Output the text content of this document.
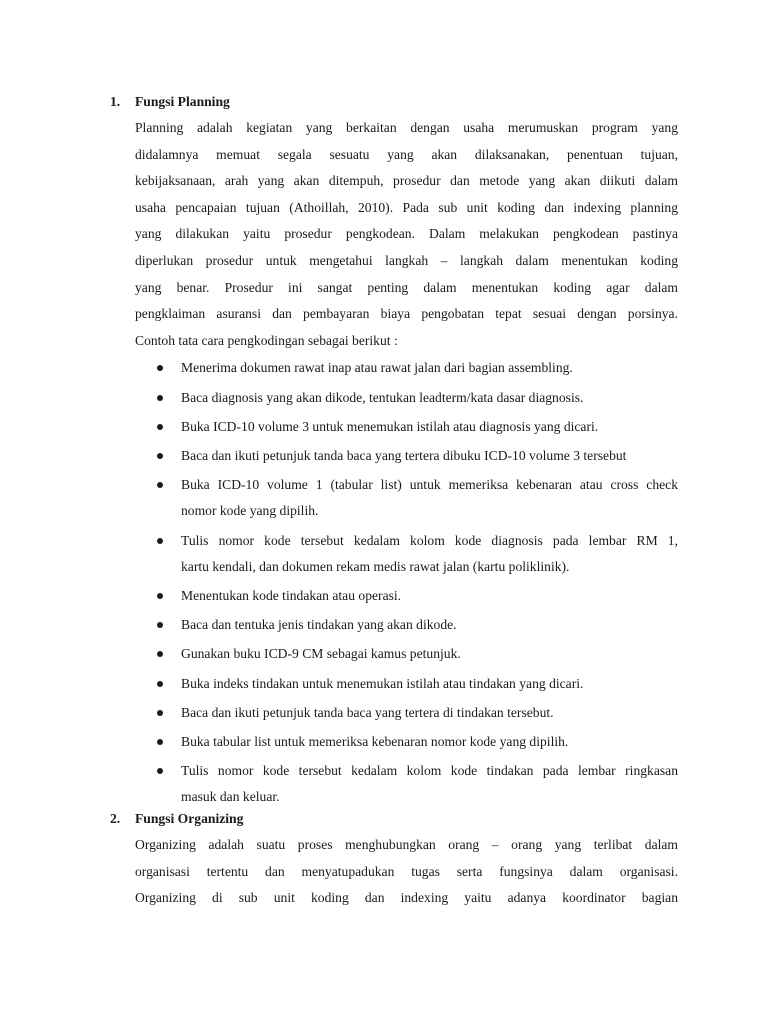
1. Fungsi Planning
Planning adalah kegiatan yang berkaitan dengan usaha merumuskan program yang
didalamnya memuat segala sesuatu yang akan dilaksanakan, penentuan tujuan,
kebijaksanaan, arah yang akan ditempuh, prosedur dan metode yang akan diikuti dalam
usaha pencapaian tujuan (Athoillah, 2010). Pada sub unit koding dan indexing planning
yang dilakukan yaitu prosedur pengkodean. Dalam melakukan pengkodean pastinya
diperlukan prosedur untuk mengetahui langkah – langkah dalam menentukan koding
yang benar. Prosedur ini sangat penting dalam menentukan koding agar dalam
pengklaiman asuransi dan pembayaran biaya pengobatan tepat sesuai dengan porsinya.
Contoh tata cara pengkodingan sebagai berikut :
Menerima dokumen rawat inap atau rawat jalan dari bagian assembling.
Baca diagnosis yang akan dikode, tentukan leadterm/kata dasar diagnosis.
Buka ICD-10 volume 3 untuk menemukan istilah atau diagnosis yang dicari.
Baca dan ikuti petunjuk tanda baca yang tertera dibuku ICD-10 volume 3 tersebut
Buka ICD-10 volume 1 (tabular list) untuk memeriksa kebenaran atau cross check
nomor kode yang dipilih.
Tulis nomor kode tersebut kedalam kolom kode diagnosis pada lembar RM 1,
kartu kendali, dan dokumen rekam medis rawat jalan (kartu poliklinik).
Menentukan kode tindakan atau operasi.
Baca dan tentuka jenis tindakan yang akan dikode.
Gunakan buku ICD-9 CM sebagai kamus petunjuk.
Buka indeks tindakan untuk menemukan istilah atau tindakan yang dicari.
Baca dan ikuti petunjuk tanda baca yang tertera di tindakan tersebut.
Buka tabular list untuk memeriksa kebenaran nomor kode yang dipilih.
Tulis nomor kode tersebut kedalam kolom kode tindakan pada lembar ringkasan
masuk dan keluar.
2. Fungsi Organizing
Organizing adalah suatu proses menghubungkan orang – orang yang terlibat dalam
organisasi tertentu dan menyatupadukan tugas serta fungsinya dalam organisasi.
Organizing di sub unit koding dan indexing yaitu adanya koordinator bagian
